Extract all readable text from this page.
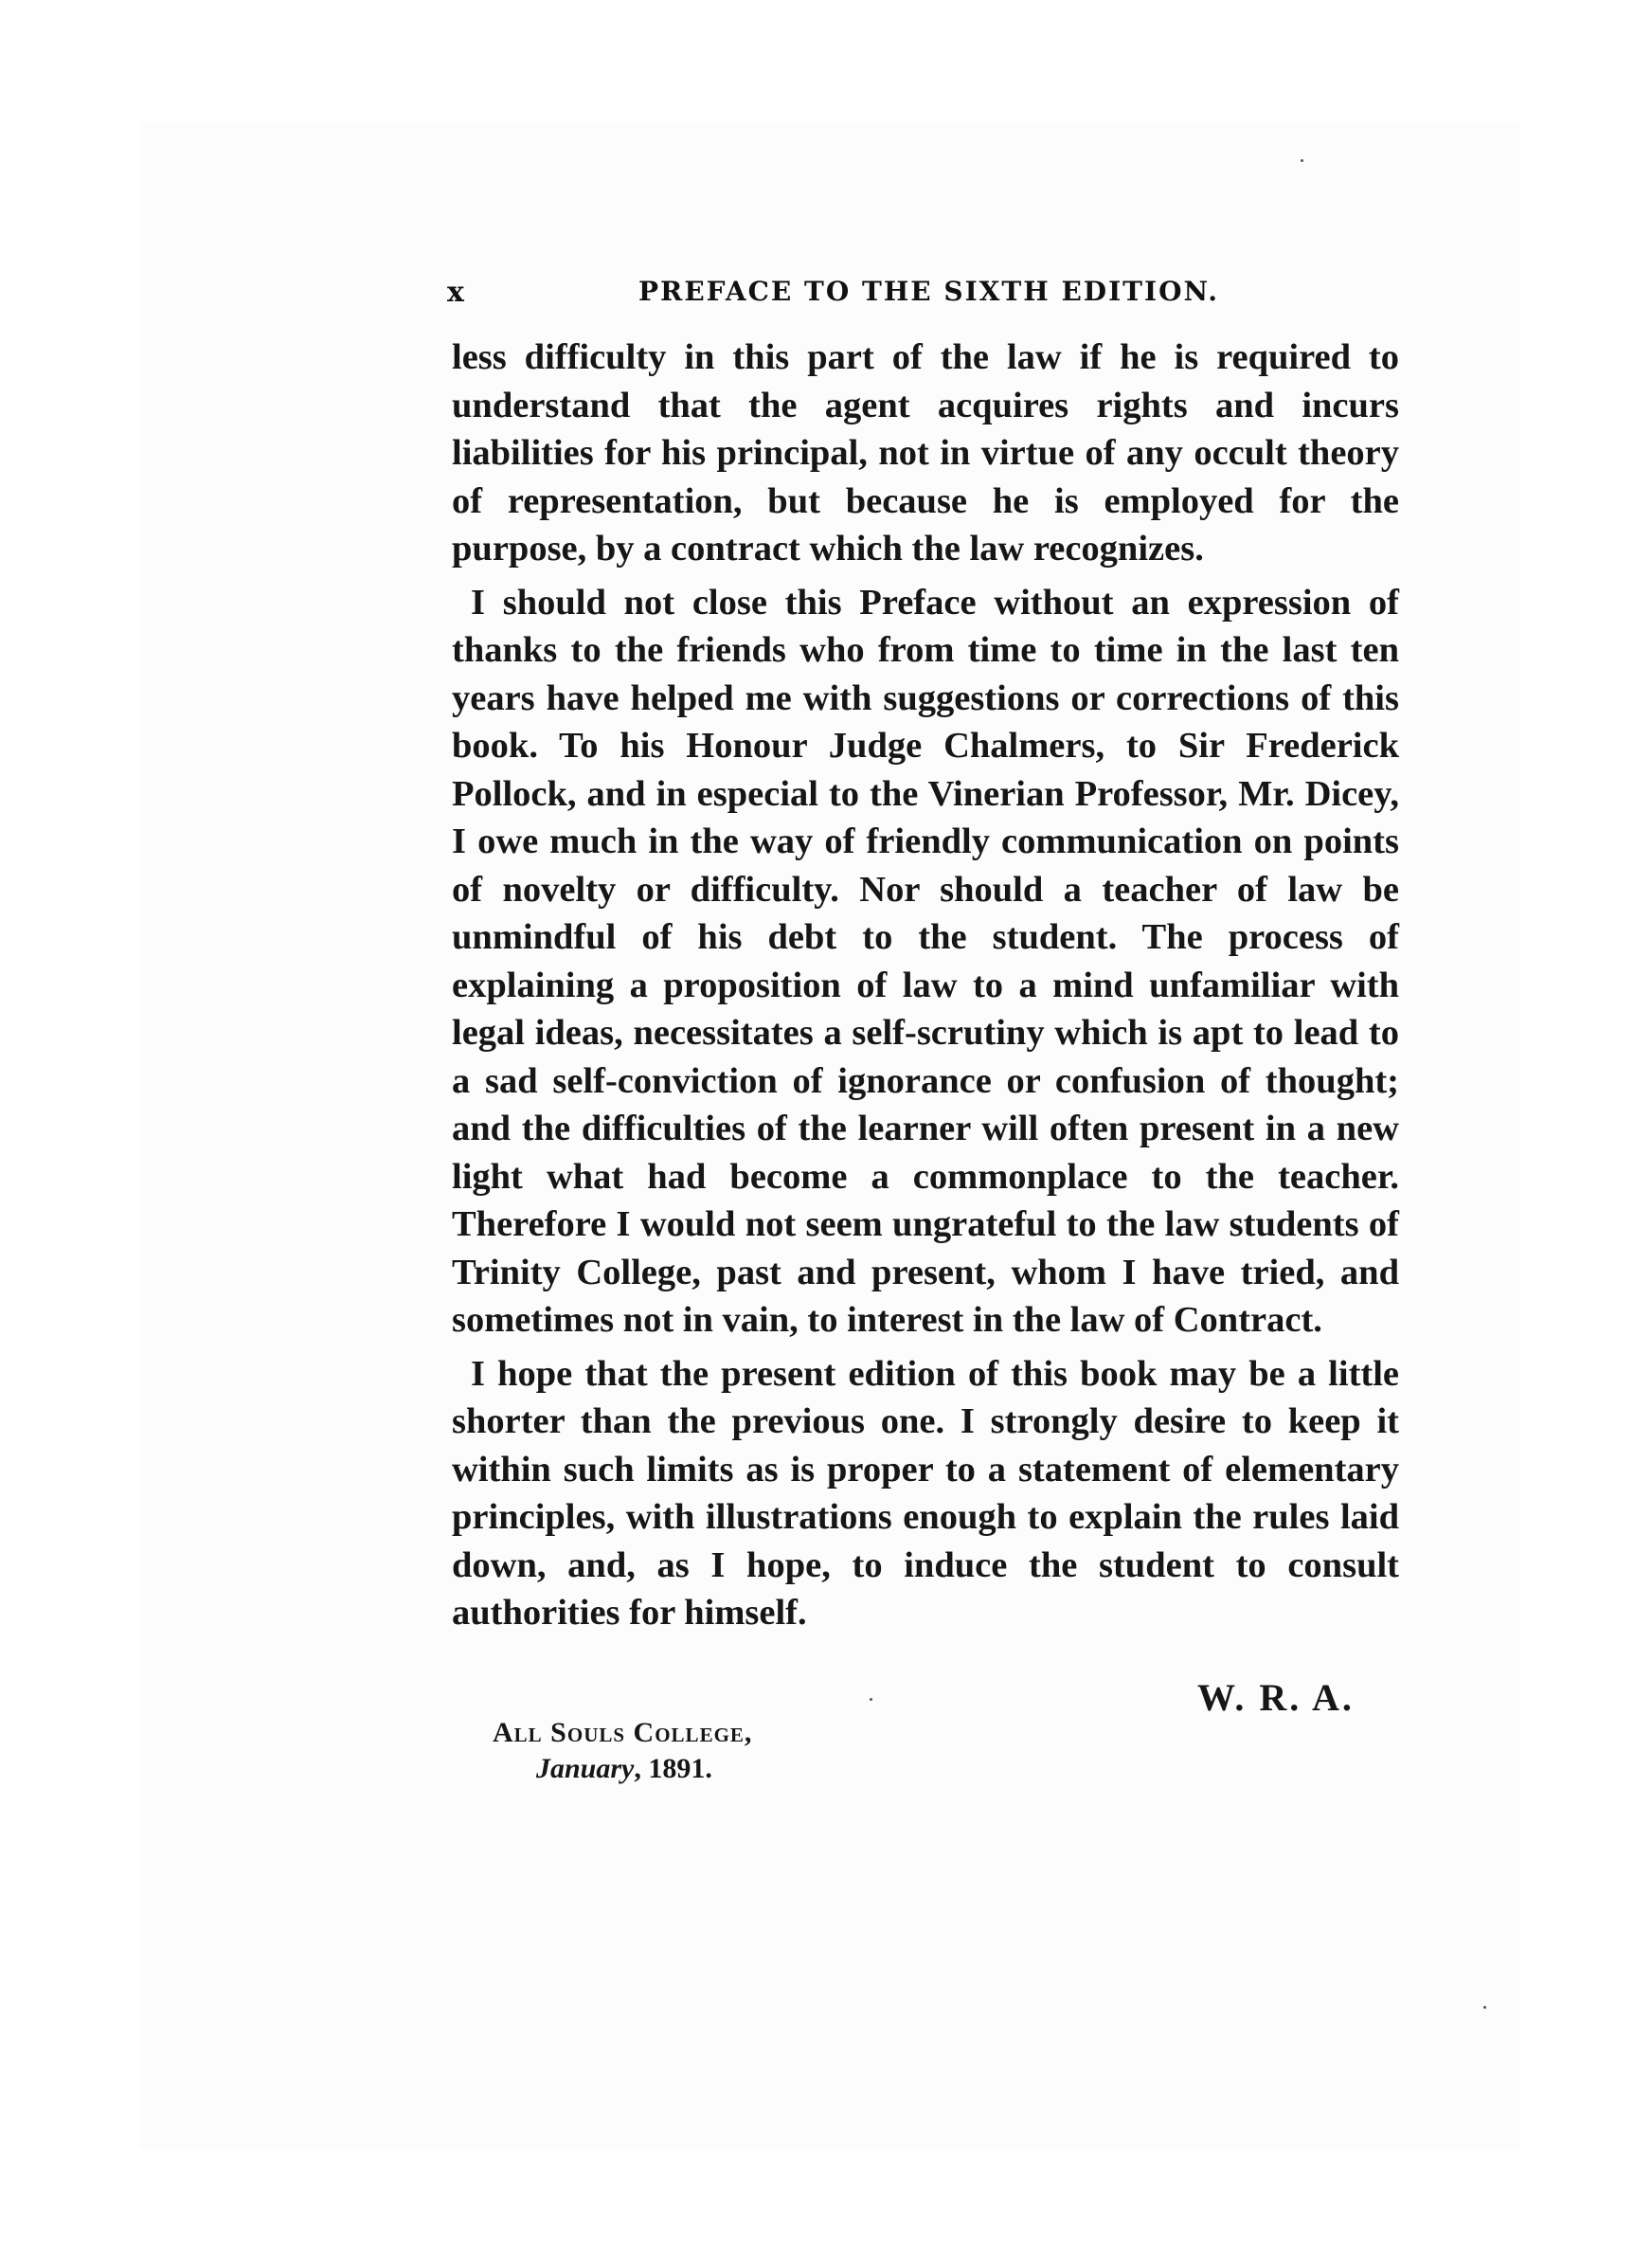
x	PREFACE TO THE SIXTH EDITION.

less difficulty in this part of the law if he is required to understand that the agent acquires rights and incurs liabilities for his principal, not in virtue of any occult theory of representation, but because he is employed for the purpose, by a contract which the law recognizes.

I should not close this Preface without an expression of thanks to the friends who from time to time in the last ten years have helped me with suggestions or corrections of this book. To his Honour Judge Chalmers, to Sir Frederick Pollock, and in especial to the Vinerian Professor, Mr. Dicey, I owe much in the way of friendly communication on points of novelty or difficulty. Nor should a teacher of law be unmindful of his debt to the student. The process of explaining a proposition of law to a mind unfamiliar with legal ideas, necessitates a self-scrutiny which is apt to lead to a sad self-conviction of ignorance or confusion of thought; and the difficulties of the learner will often present in a new light what had become a commonplace to the teacher. Therefore I would not seem ungrateful to the law students of Trinity College, past and present, whom I have tried, and sometimes not in vain, to interest in the law of Contract.

I hope that the present edition of this book may be a little shorter than the previous one. I strongly desire to keep it within such limits as is proper to a statement of elementary principles, with illustrations enough to explain the rules laid down, and, as I hope, to induce the student to consult authorities for himself.

W. R. A.
All Souls College,
January, 1891.
